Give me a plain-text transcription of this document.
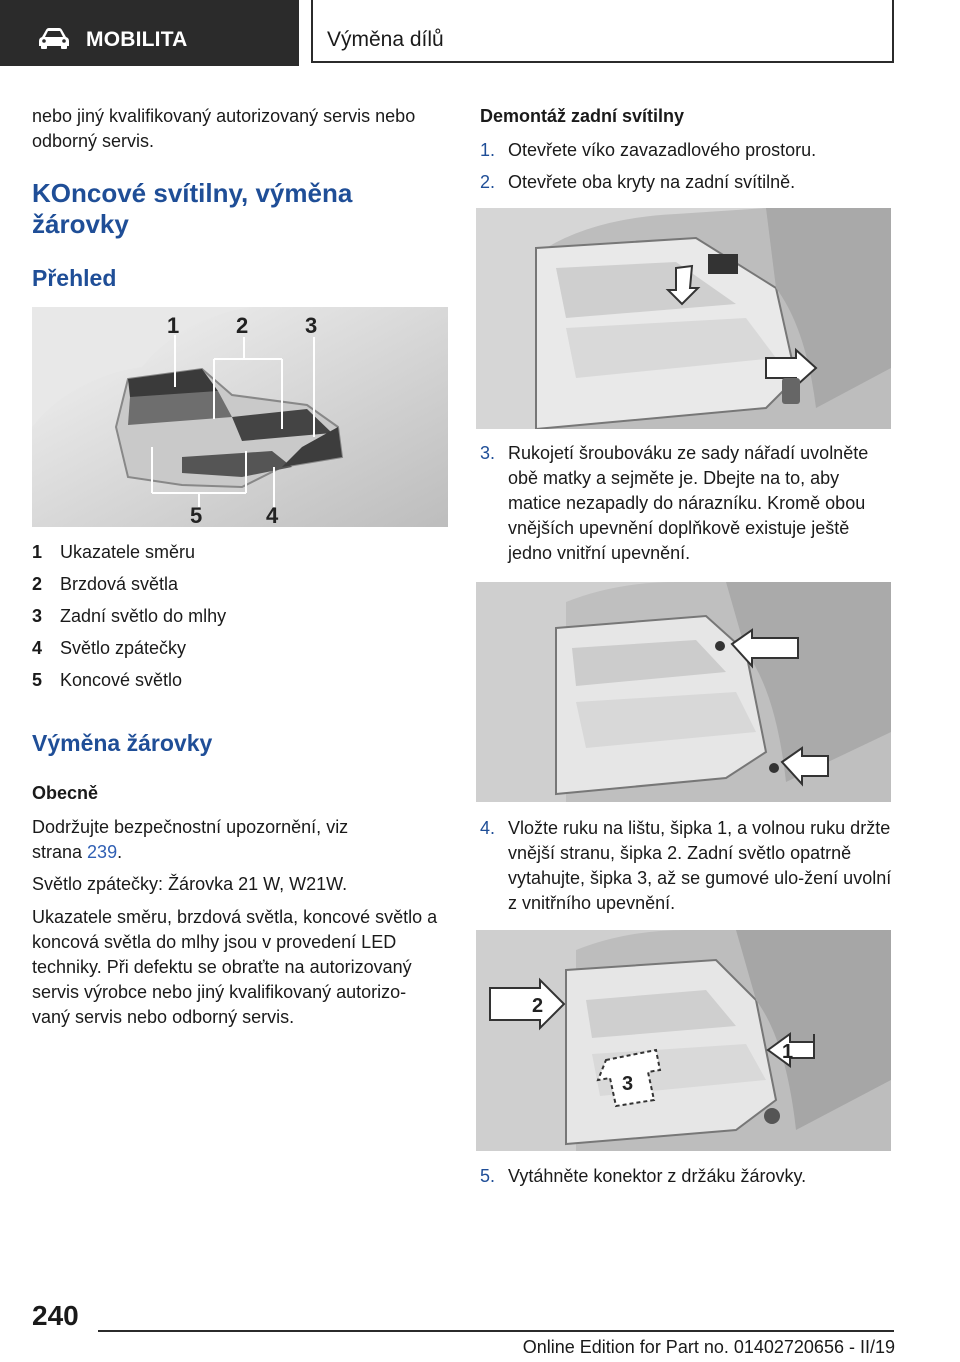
MOBILITA	Výměna dílů

nebo jiný kvalifikovaný autorizovaný servis nebo odborný servis.

KOncové svítilny, výměna žárovky

Přehled

1	2	3
4
5
1 Ukazatele směru
2 Brzdová světla
3 Zadní světlo do mlhy
4 Světlo zpátečky
5 Koncové světlo

Výměna žárovky

Obecně

Dodržujte bezpečnostní upozornění, viz strana 239.

Světlo zpátečky: Žárovka 21 W, W21W.

Ukazatele směru, brzdová světla, koncové světlo a koncová světla do mlhy jsou v provedení LED techniky. Při defektu se obraťte na autorizovaný servis výrobce nebo jiný kvalifikovaný autorizo‐vaný servis nebo odborný servis.

Demontáž zadní svítilny

1. Otevřete víko zavazadlového prostoru.
2. Otevřete oba kryty na zadní svítilně.
3. Rukojetí šroubováku ze sady nářadí uvolněte obě matky a sejměte je. Dbejte na to, aby matice nezapadly do nárazníku. Kromě obou vnějších upevnění doplňkově existuje ještě jedno vnitřní upevnění.
4. Vložte ruku na lištu, šipka 1, a volnou ruku držte vnější stranu, šipka 2. Zadní světlo opatrně vytahujte, šipka 3, až se gumové ulo‐žení uvolní z vnitřního upevnění.
2
1
3
5. Vytáhněte konektor z držáku žárovky.
240
Online Edition for Part no. 01402720656 - II/19
